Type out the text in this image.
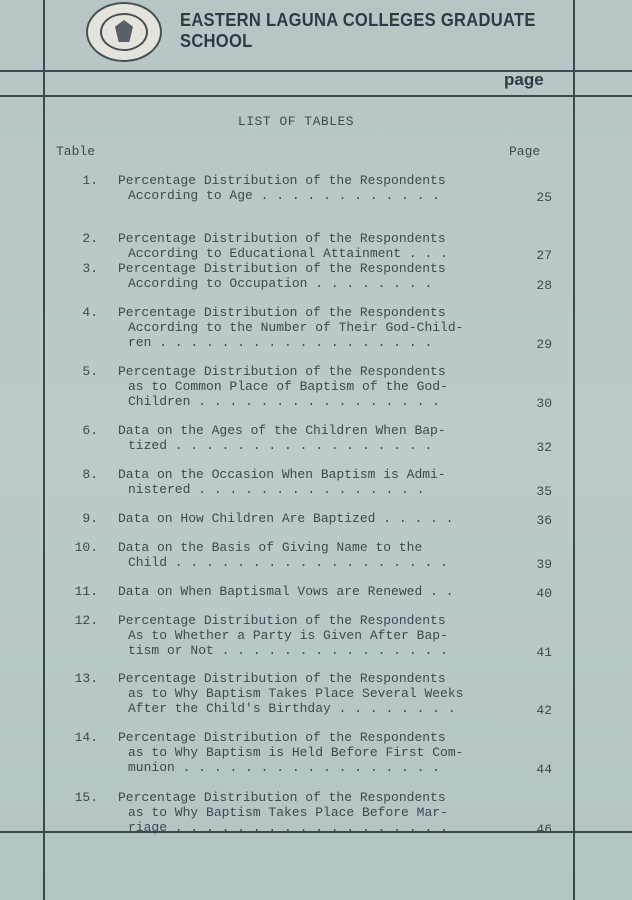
EASTERN LAGUNA COLLEGES GRADUATE SCHOOL
page
LIST OF TABLES
Table	Page
1. Percentage Distribution of the Respondents
According to Age . . . . . . . . . . . .	25
2. Percentage Distribution of the Respondents
According to Educational Attainment . . .	27
3. Percentage Distribution of the Respondents
According to Occupation . . . . . . . .	28
4. Percentage Distribution of the Respondents
According to the Number of Their God-Child-
ren . . . . . . . . . . . . . . . . . .	29
5. Percentage Distribution of the Respondents
as to Common Place of Baptism of the God-
Children . . . . . . . . . . . . . . . .	30
6. Data on the Ages of the Children When Bap-
tized . . . . . . . . . . . . . . . . .	32
8. Data on the Occasion When Baptism is Admi-
nistered . . . . . . . . . . . . . . .	35
9. Data on How Children Are Baptized . . . . .	36
10. Data on the Basis of Giving Name to the
Child . . . . . . . . . . . . . . . . . .	39
11. Data on When Baptismal Vows are Renewed . .	40
12. Percentage Distribution of the Respondents
As to Whether a Party is Given After Bap-
tism or Not . . . . . . . . . . . . . . .	41
13. Percentage Distribution of the Respondents
as to Why Baptism Takes Place Several Weeks
After the Child's Birthday . . . . . . . .	42
14. Percentage Distribution of the Respondents
as to Why Baptism is Held Before First Com-
munion . . . . . . . . . . . . . . . . .	44
15. Percentage Distribution of the Respondents
as to Why Baptism Takes Place Before Mar-
riage . . . . . . . . . . . . . . . . . .	46
